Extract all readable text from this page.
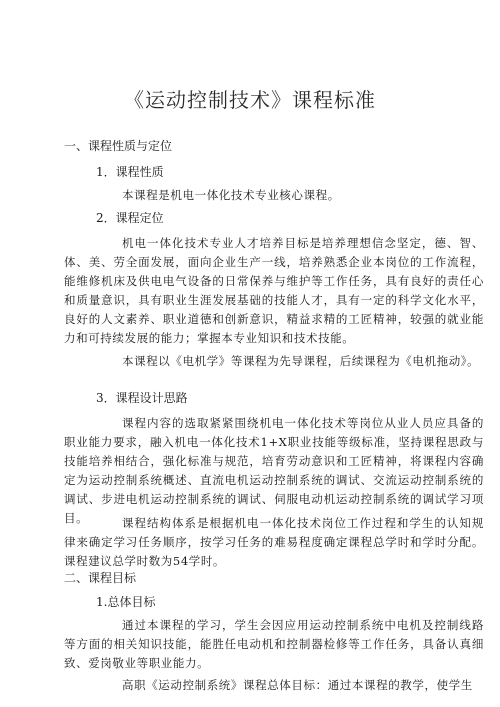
《运动控制技术》课程标准
一、课程性质与定位
1．课程性质
本课程是机电一体化技术专业核心课程。
2．课程定位
机电一体化技术专业人才培养目标是培养理想信念坚定，德、智、体、美、劳全面发展，面向企业生产一线，培养熟悉企业本岗位的工作流程，能维修机床及供电电气设备的日常保养与维护等工作任务，具有良好的责任心和质量意识，具有职业生涯发展基础的技能人才，具有一定的科学文化水平，良好的人文素养、职业道德和创新意识，精益求精的工匠精神，较强的就业能力和可持续发展的能力；掌握本专业知识和技术技能。
本课程以《电机学》等课程为先导课程，后续课程为《电机拖动》。
3．课程设计思路
课程内容的选取紧紧围绕机电一体化技术等岗位从业人员应具备的职业能力要求，融入机电一体化技术1+X职业技能等级标准，坚持课程思政与技能培养相结合，强化标准与规范，培育劳动意识和工匠精神，将课程内容确定为运动控制系统概述、直流电机运动控制系统的调试、交流运动控制系统的调试、步进电机运动控制系统的调试、伺服电动机运动控制系统的调试学习项目。	课程结构体系是根据机电一体化技术岗位工作过程和学生的认知规律来确定学习任务顺序，按学习任务的难易程度确定课程总学时和学时分配。课程建议总学时数为54学时。
二、课程目标
1.总体目标
通过本课程的学习，学生会因应用运动控制系统中电机及控制线路等方面的相关知识技能，能胜任电动机和控制器检修等工作任务，具备认真细致、爱岗敬业等职业能力。
高职《运动控制系统》课程总体目标：通过本课程的教学，使学生
